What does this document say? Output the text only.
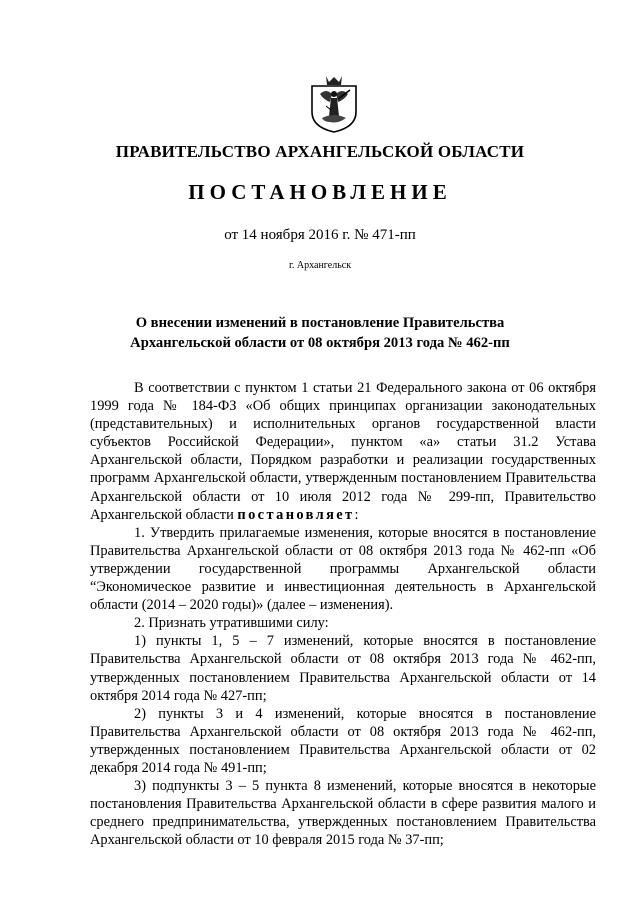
ПРАВИТЕЛЬСТВО АРХАНГЕЛЬСКОЙ ОБЛАСТИ
ПОСТАНОВЛЕНИЕ
от 14 ноября 2016 г. № 471-пп
г. Архангельск
О внесении изменений в постановление Правительства
Архангельской области от 08 октября 2013 года № 462-пп

В соответствии с пунктом 1 статьи 21 Федерального закона от 06 октября 1999 года № 184-ФЗ «Об общих принципах организации законодательных (представительных) и исполнительных органов государственной власти субъектов Российской Федерации», пунктом «а» статьи 31.2 Устава Архангельской области, Порядком разработки и реализации государственных программ Архангельской области, утвержденным постановлением Правительства Архангельской области от 10 июля 2012 года № 299-пп, Правительство Архангельской области постановляет:

1. Утвердить прилагаемые изменения, которые вносятся в постановление Правительства Архангельской области от 08 октября 2013 года № 462-пп «Об утверждении государственной программы Архангельской области “Экономическое развитие и инвестиционная деятельность в Архангельской области (2014 – 2020 годы)» (далее – изменения).

2. Признать утратившими силу:

1) пункты 1, 5 – 7 изменений, которые вносятся в постановление Правительства Архангельской области от 08 октября 2013 года № 462-пп, утвержденных постановлением Правительства Архангельской области от 14 октября 2014 года № 427-пп;

2) пункты 3 и 4 изменений, которые вносятся в постановление Правительства Архангельской области от 08 октября 2013 года № 462-пп, утвержденных постановлением Правительства Архангельской области от 02 декабря 2014 года № 491-пп;

3) подпункты 3 – 5 пункта 8 изменений, которые вносятся в некоторые постановления Правительства Архангельской области в сфере развития малого и среднего предпринимательства, утвержденных постановлением Правительства Архангельской области от 10 февраля 2015 года № 37-пп;
